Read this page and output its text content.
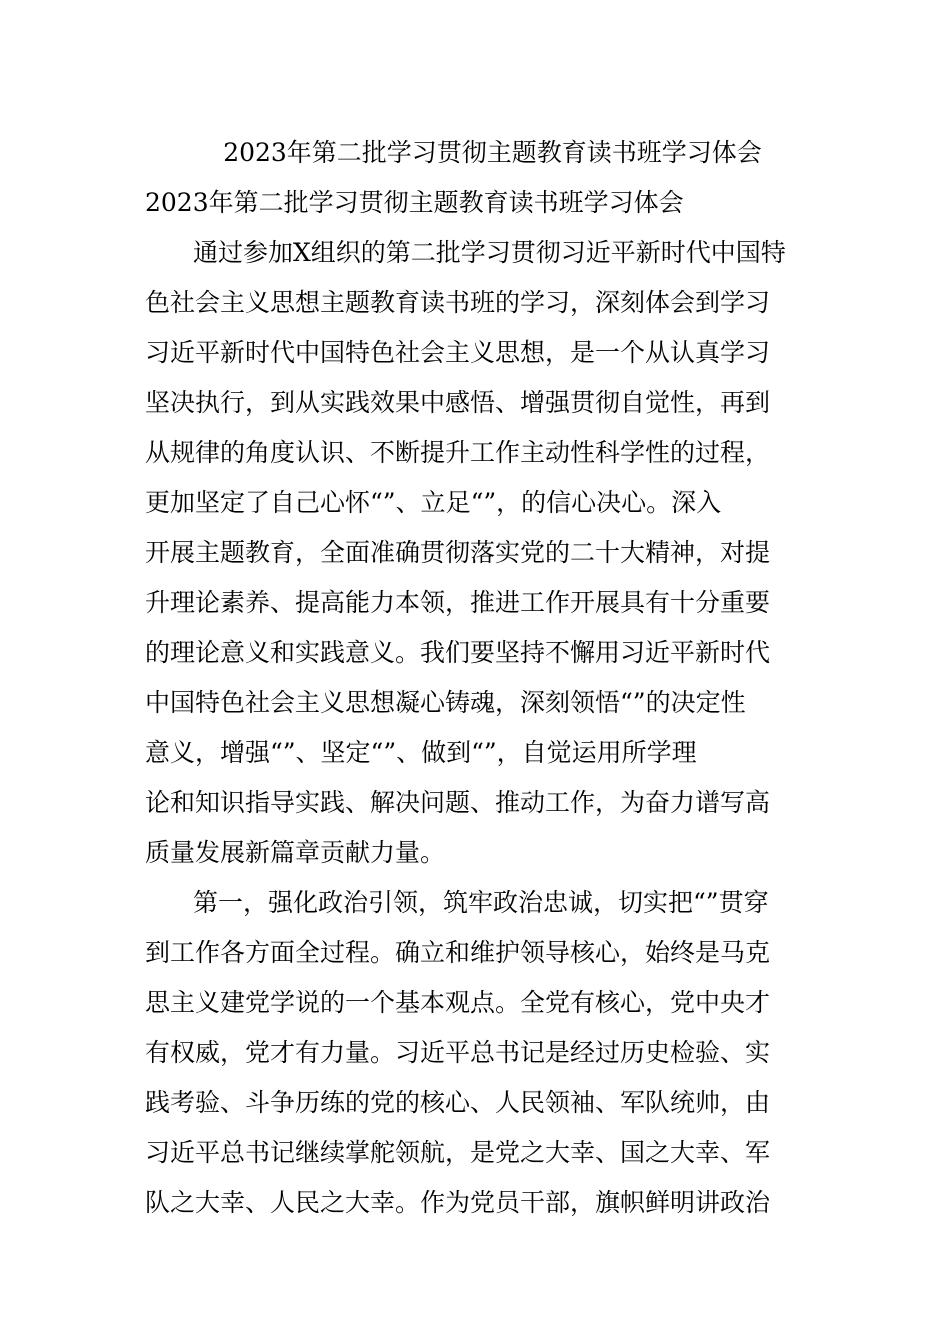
2023年第二批学习贯彻主题教育读书班学习体会
2023年第二批学习贯彻主题教育读书班学习体会
通过参加X组织的第二批学习贯彻习近平新时代中国特
色社会主义思想主题教育读书班的学习，深刻体会到学习
习近平新时代中国特色社会主义思想，是一个从认真学习
坚决执行，到从实践效果中感悟、增强贯彻自觉性，再到
从规律的角度认识、不断提升工作主动性科学性的过程，
更加坚定了自己心怀“”、立足“”，的信心决心。深入
开展主题教育，全面准确贯彻落实党的二十大精神，对提
升理论素养、提高能力本领，推进工作开展具有十分重要
的理论意义和实践意义。我们要坚持不懈用习近平新时代
中国特色社会主义思想凝心铸魂，深刻领悟“”的决定性
意义，增强“”、坚定“”、做到“”，自觉运用所学理
论和知识指导实践、解决问题、推动工作，为奋力谱写高
质量发展新篇章贡献力量。
第一，强化政治引领，筑牢政治忠诚，切实把“”贯穿
到工作各方面全过程。确立和维护领导核心，始终是马克
思主义建党学说的一个基本观点。全党有核心，党中央才
有权威，党才有力量。习近平总书记是经过历史检验、实
践考验、斗争历练的党的核心、人民领袖、军队统帅，由
习近平总书记继续掌舵领航，是党之大幸、国之大幸、军
队之大幸、人民之大幸。作为党员干部，旗帜鲜明讲政治
